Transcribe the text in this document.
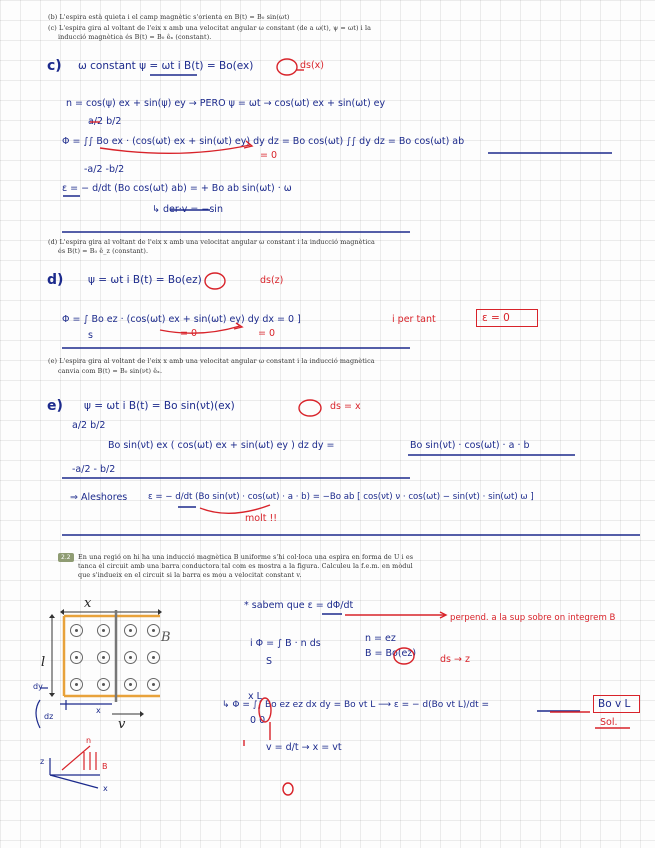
(b) L'espira està quieta i el camp magnètic s'orienta en B(t) = B₀ sin(ωt)
(c) L'espira gira al voltant de l'eix x amb una velocitat angular ω constant (de a ω(t), ψ = ωt) i la
inducció magnètica és B(t) = B₀ êₓ (constant).
c) ω constant ψ = ωt i B(t) = Bo(ex)	ds(x)
n = cos(ψ) ex + sin(ψ) ey → PERO ψ = ωt → cos(ωt) ex + sin(ωt) ey
a/2 b/2
Φ = ∫∫ Bo ex · (cos(ωt) ex + sin(ωt) ey) dy dz = Bo cos(ωt) ∫∫ dy dz = Bo cos(ωt) ab
= 0
-a/2 -b/2
ε = − d/dt (Bo cos(ωt) ab) = + Bo ab sin(ωt) · ω
↳ der·v = −sin
(d) L'espira gira al voltant de l'eix x amb una velocitat angular ω constant i la inducció magnètica
és B(t) = B₀ ê_z (constant).
d) ψ = ωt i B(t) = Bo(ez)	ds(z)
Φ = ∫ Bo ez · (cos(ωt) ex + sin(ωt) ey) dy dx = 0 ]
s	= 0	= 0
i per tant	ε = 0
(e) L'espira gira al voltant de l'eix x amb una velocitat angular ω constant i la inducció magnètica
canvia com B(t) = B₀ sin(νt) êₓ.
e) ψ = ωt i B(t) = Bo sin(νt)(ex)	ds = x
a/2 b/2
Bo sin(νt) ex ( cos(ωt) ex + sin(ωt) ey ) dz dy =	Bo sin(νt) · cos(ωt) · a · b
-a/2 - b/2
⇒ Aleshores ε = − d/dt (Bo sin(νt) · cos(ωt) · a · b) = −Bo ab [ cos(νt) ν · cos(ωt) − sin(νt) · sin(ωt) ω ]
molt !!
2.2	En una regió on hi ha una inducció magnètica B uniforme s'hi col·loca una espira en forma de U i es
tanca el circuit amb una barra conductora tal com es mostra a la figura. Calculeu la f.e.m. en mòdul
que s'indueix en el circuit si la barra es mou a velocitat constant v.
x
l
B
v
x
dz
dy
z
x
n
B
* sabem que ε = dΦ/dt
perpend. a la sup sobre on integrem B
i Φ = ∫ B · n ds
S
n = ez
B = Bo(ez)
ds → z
x L
↳ Φ = ∫∫ Bo ez ez dx dy = Bo vt L ⟶ ε = − d(Bo vt L)/dt =
0 0
Bo v L
Sol.
v = d/t → x = vt
